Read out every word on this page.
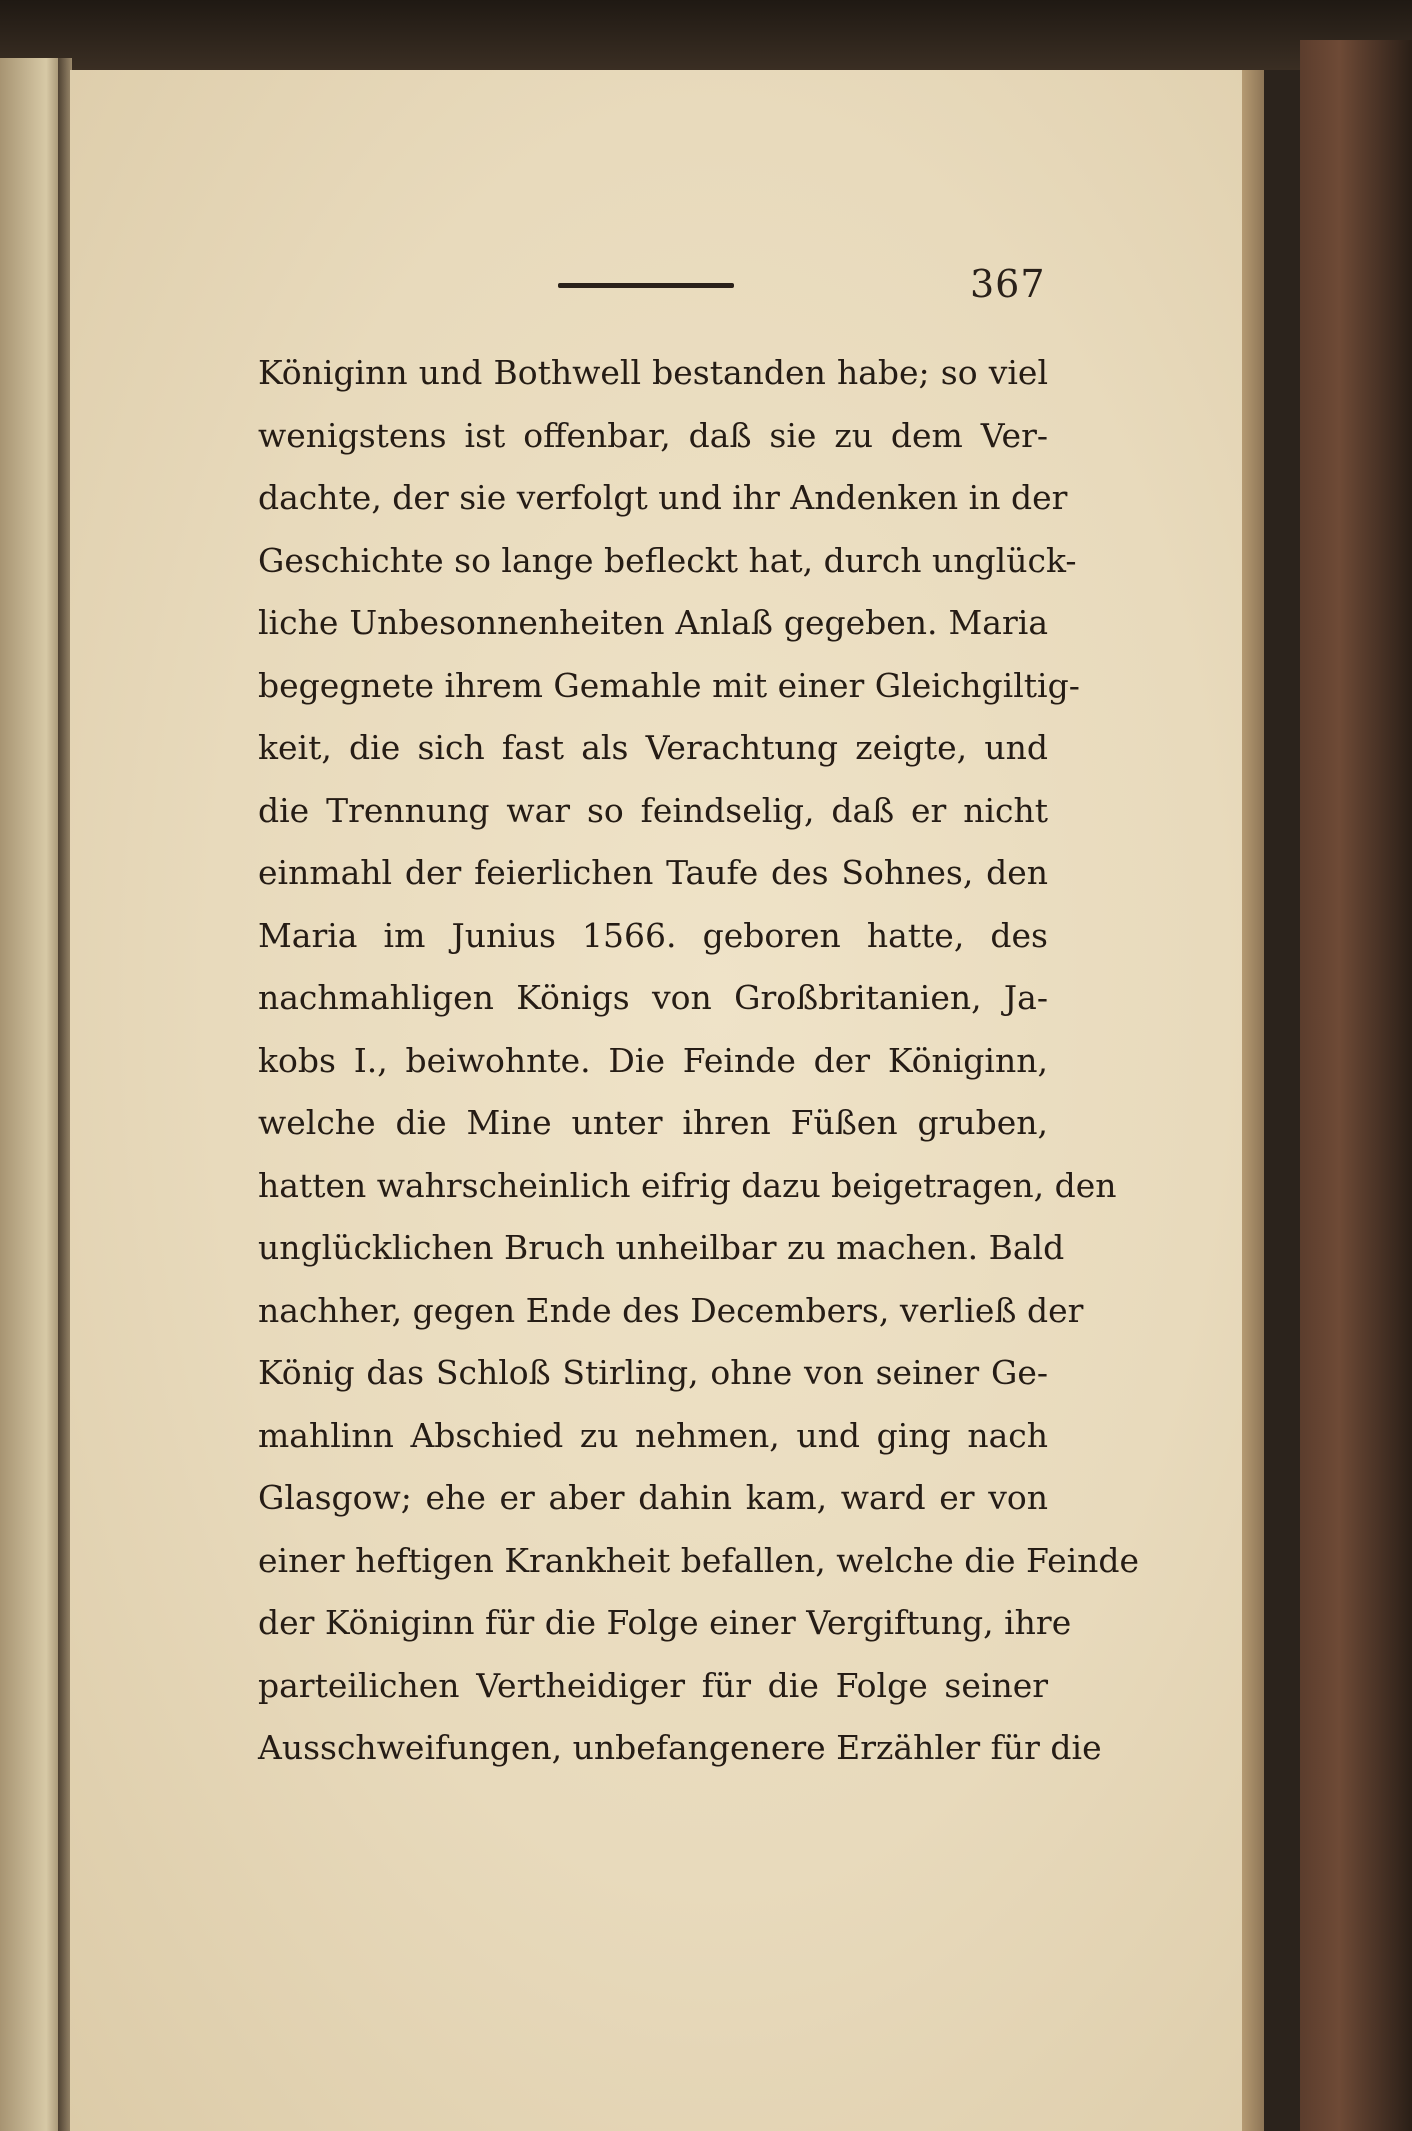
367
Königinn und Bothwell bestanden habe; so viel
wenigstens ist offenbar, daß sie zu dem Ver-
dachte, der sie verfolgt und ihr Andenken in der
Geschichte so lange befleckt hat, durch unglück-
liche Unbesonnenheiten Anlaß gegeben. Maria
begegnete ihrem Gemahle mit einer Gleichgiltig-
keit, die sich fast als Verachtung zeigte, und
die Trennung war so feindselig, daß er nicht
einmahl der feierlichen Taufe des Sohnes, den
Maria im Junius 1566. geboren hatte, des
nachmahligen Königs von Großbritanien, Ja-
kobs I., beiwohnte. Die Feinde der Königinn,
welche die Mine unter ihren Füßen gruben,
hatten wahrscheinlich eifrig dazu beigetragen, den
unglücklichen Bruch unheilbar zu machen. Bald
nachher, gegen Ende des Decembers, verließ der
König das Schloß Stirling, ohne von seiner Ge-
mahlinn Abschied zu nehmen, und ging nach
Glasgow; ehe er aber dahin kam, ward er von
einer heftigen Krankheit befallen, welche die Feinde
der Königinn für die Folge einer Vergiftung, ihre
parteilichen Vertheidiger für die Folge seiner
Ausschweifungen, unbefangenere Erzähler für die
